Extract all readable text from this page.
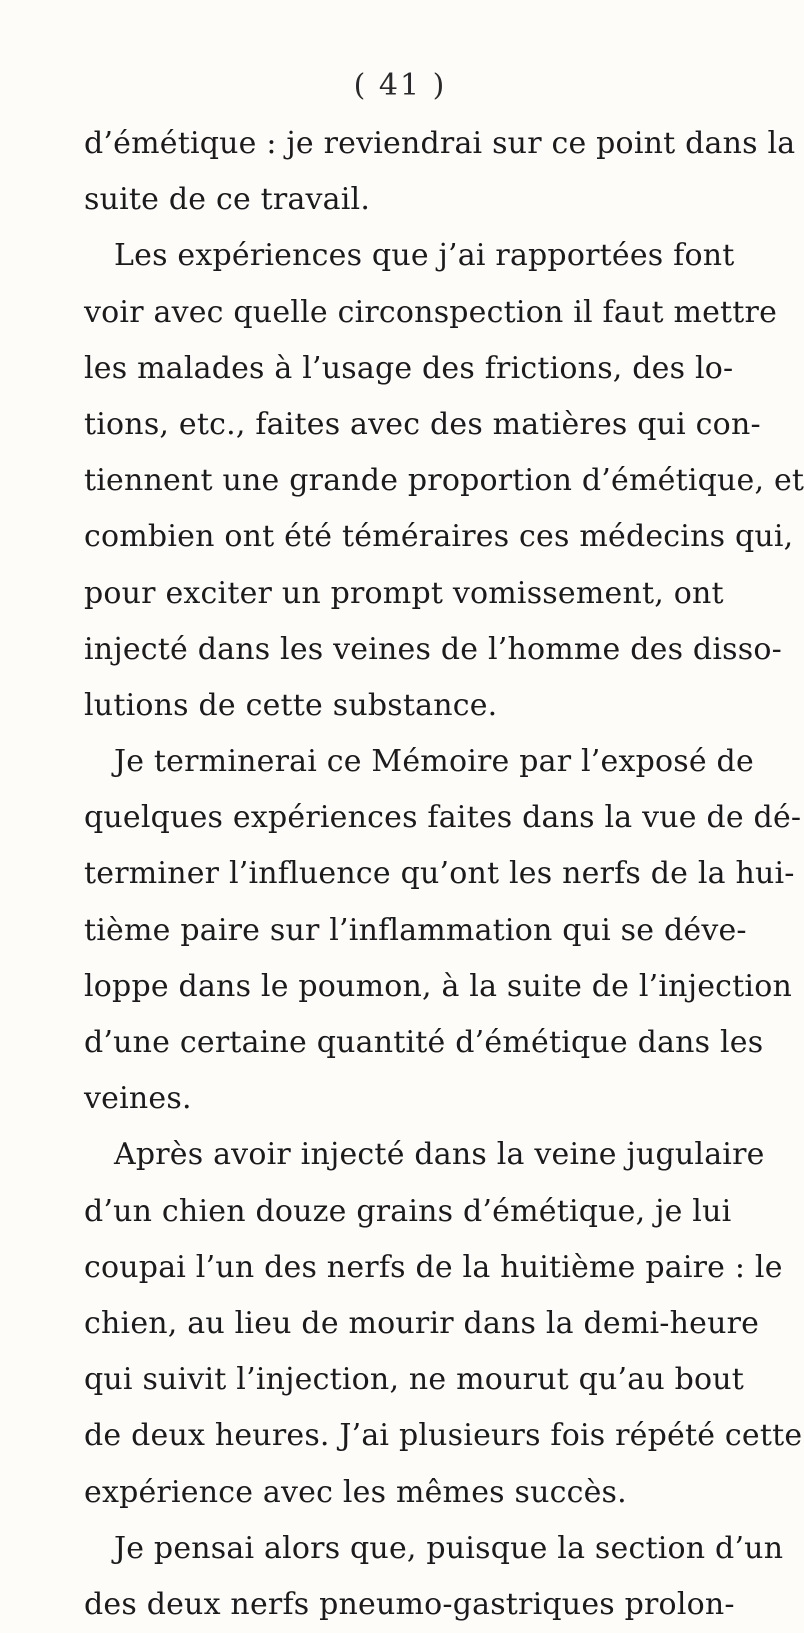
( 41 )
d’émétique : je reviendrai sur ce point dans la
suite de ce travail.
Les expériences que j’ai rapportées font
voir avec quelle circonspection il faut mettre
les malades à l’usage des frictions, des lo-
tions, etc., faites avec des matières qui con-
tiennent une grande proportion d’émétique, et
combien ont été téméraires ces médecins qui,
pour exciter un prompt vomissement, ont
injecté dans les veines de l’homme des disso-
lutions de cette substance.
Je terminerai ce Mémoire par l’exposé de
quelques expériences faites dans la vue de dé-
terminer l’influence qu’ont les nerfs de la hui-
tième paire sur l’inflammation qui se déve-
loppe dans le poumon, à la suite de l’injection
d’une certaine quantité d’émétique dans les
veines.
Après avoir injecté dans la veine jugulaire
d’un chien douze grains d’émétique, je lui
coupai l’un des nerfs de la huitième paire : le
chien, au lieu de mourir dans la demi-heure
qui suivit l’injection, ne mourut qu’au bout
de deux heures. J’ai plusieurs fois répété cette
expérience avec les mêmes succès.
Je pensai alors que, puisque la section d’un
des deux nerfs pneumo-gastriques prolon-
